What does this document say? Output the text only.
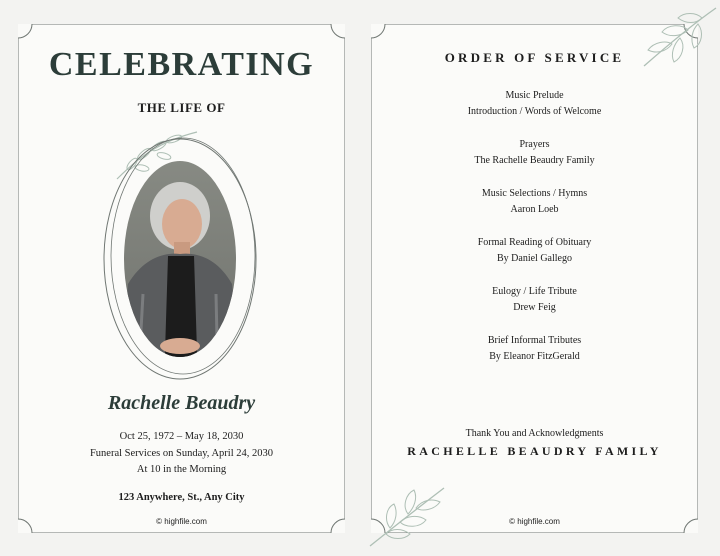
CELEBRATING
THE LIFE OF
Rachelle Beaudry
Oct 25, 1972 – May 18, 2030
Funeral Services on Sunday, April 24, 2030
At 10 in the Morning
123 Anywhere, St., Any City
© highfile.com
ORDER OF SERVICE
Music Prelude
Introduction / Words of Welcome
Prayers
The Rachelle Beaudry Family
Music Selections / Hymns
Aaron Loeb
Formal Reading of Obituary
By Daniel Gallego
Eulogy / Life Tribute
Drew Feig
Brief Informal Tributes
By Eleanor FitzGerald
Thank You and Acknowledgments
RACHELLE BEAUDRY FAMILY
© highfile.com
